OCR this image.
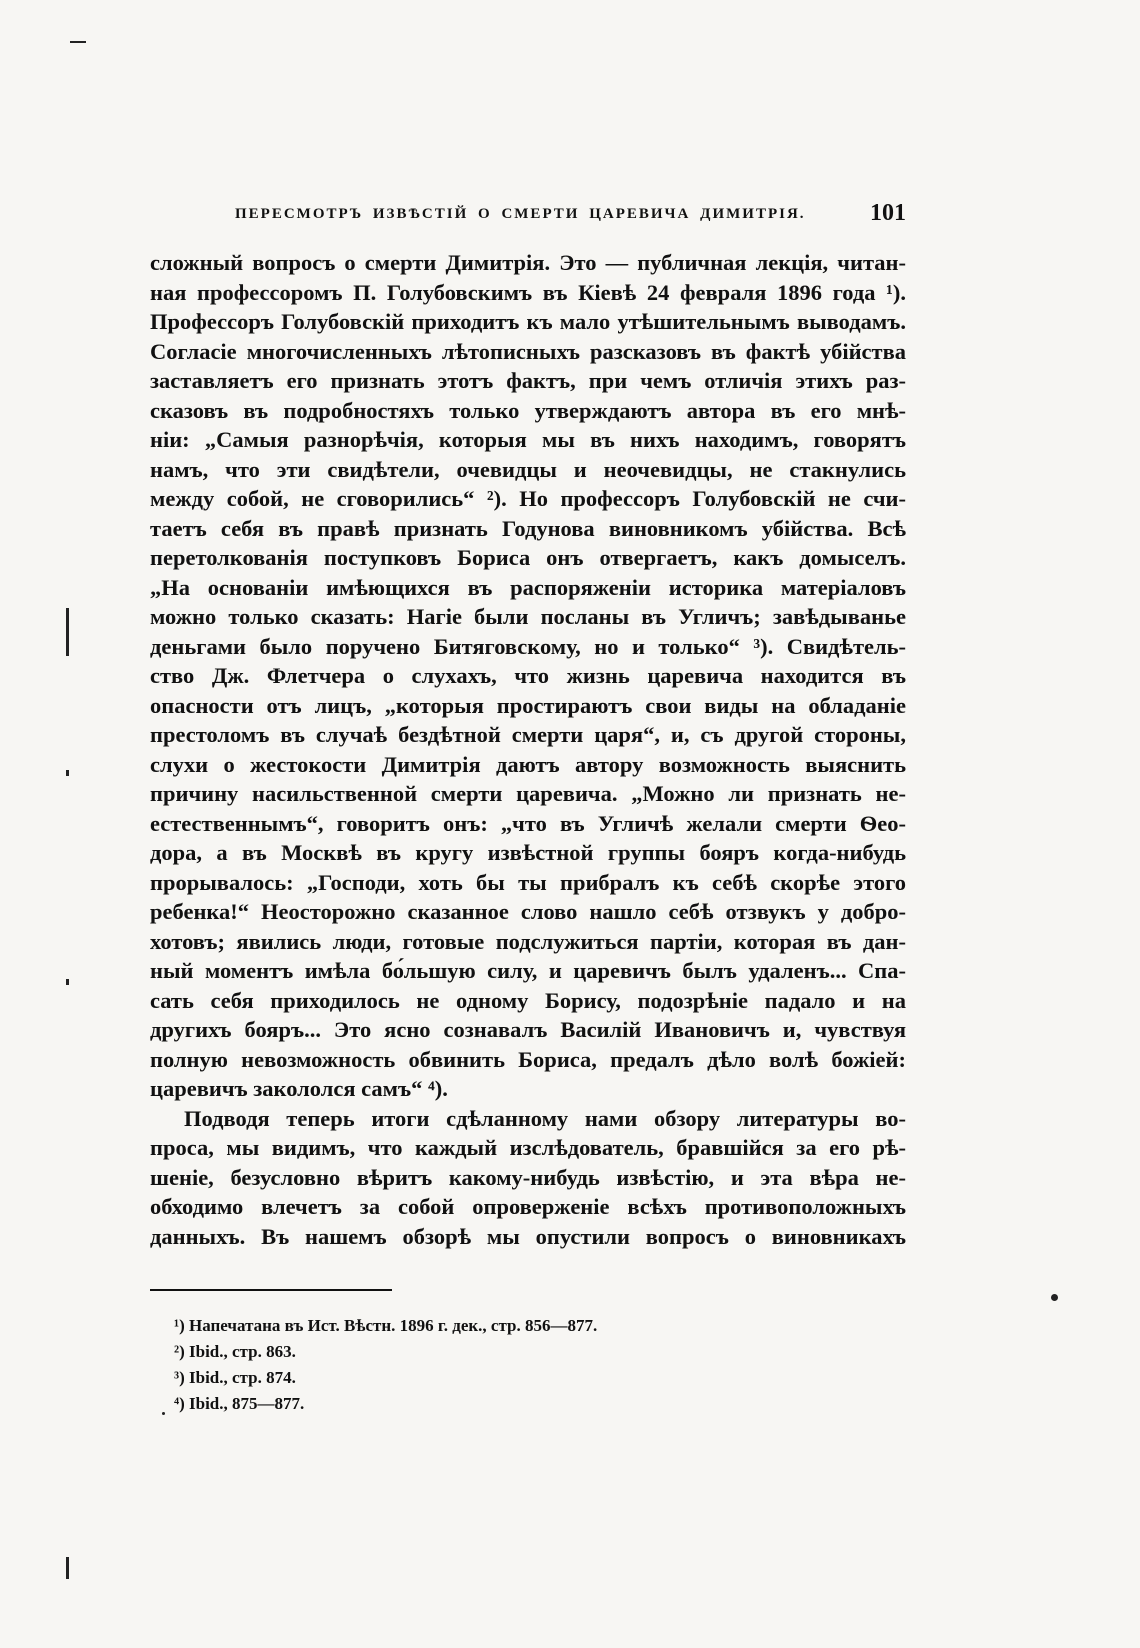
ПЕРЕСМОТРЪ ИЗВѢСТІЙ О СМЕРТИ ЦАРЕВИЧА ДИМИТРІЯ.	101
сложный вопросъ о смерти Димитрія. Это — публичная лекція, читан-
ная профессоромъ П. Голубовскимъ въ Кіевѣ 24 февраля 1896 года ¹).
Профессоръ Голубовскій приходитъ къ мало утѣшительнымъ выводамъ.
Согласіе многочисленныхъ лѣтописныхъ разсказовъ въ фактѣ убійства
заставляетъ его признать этотъ фактъ, при чемъ отличія этихъ раз-
сказовъ въ подробностяхъ только утверждаютъ автора въ его мнѣ-
ніи: „Самыя разнорѣчія, которыя мы въ нихъ находимъ, говорятъ
намъ, что эти свидѣтели, очевидцы и неочевидцы, не стакнулись
между собой, не сговорились“ ²). Но профессоръ Голубовскій не счи-
таетъ себя въ правѣ признать Годунова виновникомъ убійства. Всѣ
перетолкованія поступковъ Бориса онъ отвергаетъ, какъ домыселъ.
„На основаніи имѣющихся въ распоряженіи историка матеріаловъ
можно только сказать: Нагіе были посланы въ Угличъ; завѣдыванье
деньгами было поручено Битяговскому, но и только“ ³). Свидѣтель-
ство Дж. Флетчера о слухахъ, что жизнь царевича находится въ
опасности отъ лицъ, „которыя простираютъ свои виды на обладаніе
престоломъ въ случаѣ бездѣтной смерти царя“, и, съ другой стороны,
слухи о жестокости Димитрія даютъ автору возможность выяснить
причину насильственной смерти царевича. „Можно ли признать не-
естественнымъ“, говоритъ онъ: „что въ Угличѣ желали смерти Ѳео-
дора, а въ Москвѣ въ кругу извѣстной группы бояръ когда-нибудь
прорывалось: „Господи, хоть бы ты прибралъ къ себѣ скорѣе этого
ребенка!“ Неосторожно сказанное слово нашло себѣ отзвукъ у добро-
хотовъ; явились люди, готовые подслужиться партіи, которая въ дан-
ный моментъ имѣла бо́льшую силу, и царевичъ былъ удаленъ... Спа-
сать себя приходилось не одному Борису, подозрѣніе падало и на
другихъ бояръ... Это ясно сознавалъ Василій Ивановичъ и, чувствуя
полную невозможность обвинить Бориса, предалъ дѣло волѣ божіей:
царевичъ закололся самъ“ ⁴).
Подводя теперь итоги сдѣланному нами обзору литературы во-
проса, мы видимъ, что каждый изслѣдователь, бравшійся за его рѣ-
шеніе, безусловно вѣритъ какому-нибудь извѣстію, и эта вѣра не-
обходимо влечетъ за собой опроверженіе всѣхъ противоположныхъ
данныхъ. Въ нашемъ обзорѣ мы опустили вопросъ о виновникахъ
¹) Напечатана въ Ист. Вѣстн. 1896 г. дек., стр. 856—877.
²) Ibid., стр. 863.
³) Ibid., стр. 874.
⁴) Ibid., 875—877.
